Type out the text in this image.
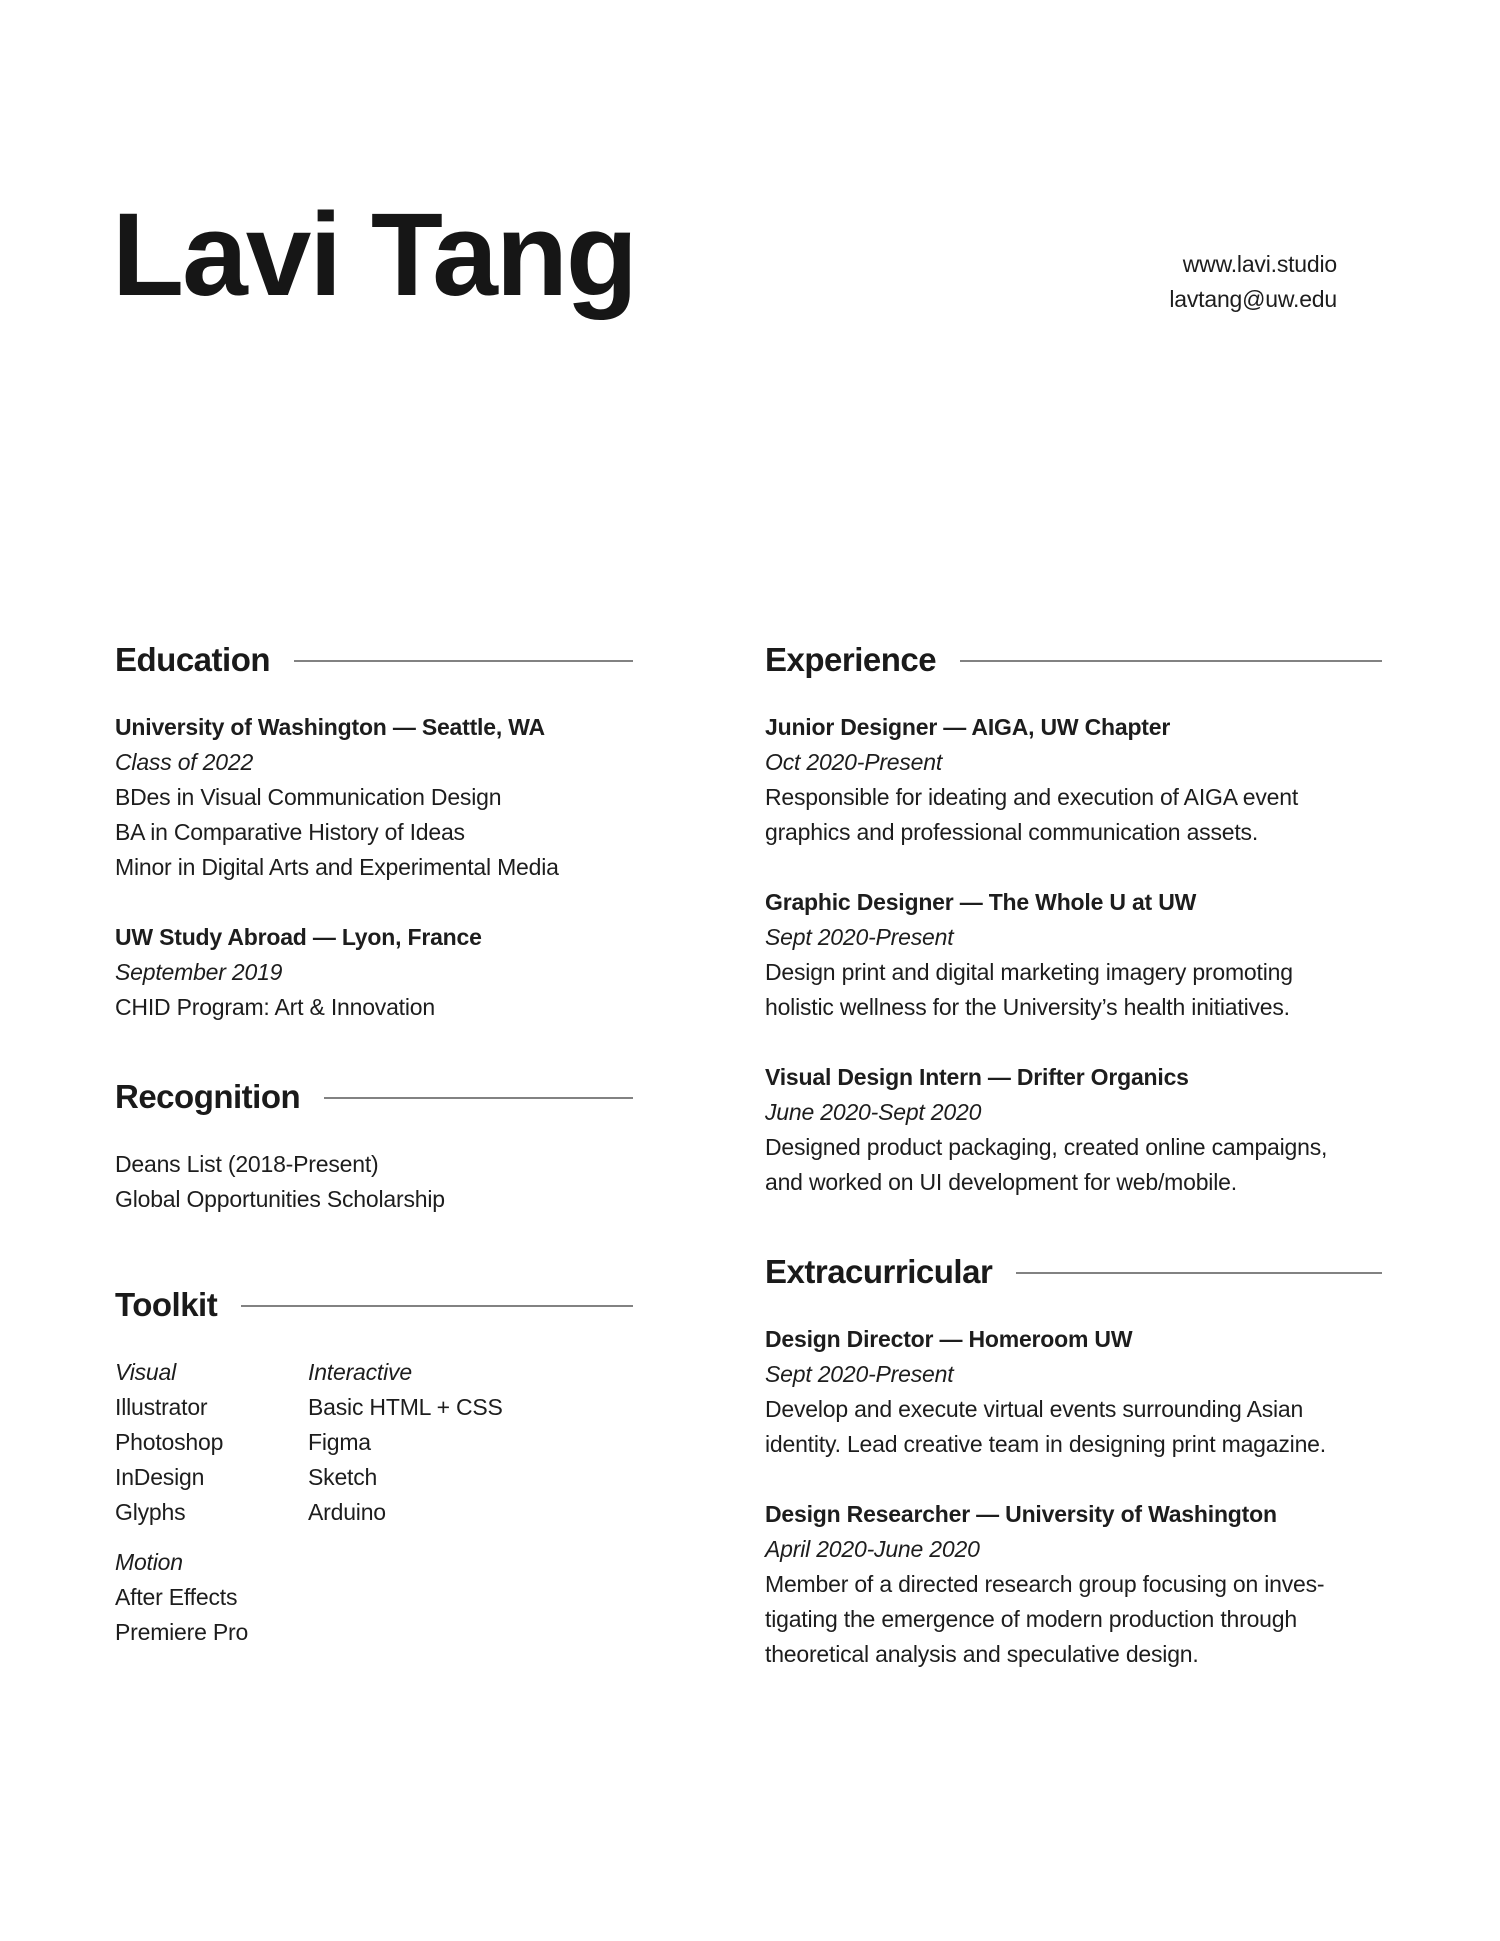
Lavi Tang	www.lavi.studio
lavtang@uw.edu
Education
University of Washington — Seattle, WA
Class of 2022
BDes in Visual Communication Design
BA in Comparative History of Ideas
Minor in Digital Arts and Experimental Media
UW Study Abroad — Lyon, France
September 2019
CHID Program: Art & Innovation
Recognition
Deans List (2018-Present)
Global Opportunities Scholarship
Toolkit
Visual
Illustrator
Photoshop
InDesign
Glyphs
Interactive
Basic HTML + CSS
Figma
Sketch
Arduino
Motion
After Effects
Premiere Pro
Experience
Junior Designer — AIGA, UW Chapter
Oct 2020-Present
Responsible for ideating and execution of AIGA event
graphics and professional communication assets.
Graphic Designer — The Whole U at UW
Sept 2020-Present
Design print and digital marketing imagery promoting
holistic wellness for the University’s health initiatives.
Visual Design Intern — Drifter Organics
June 2020-Sept 2020
Designed product packaging, created online campaigns,
and worked on UI development for web/mobile.
Extracurricular
Design Director — Homeroom UW
Sept 2020-Present
Develop and execute virtual events surrounding Asian
identity. Lead creative team in designing print magazine.
Design Researcher — University of Washington
April 2020-June 2020
Member of a directed research group focusing on inves-
tigating the emergence of modern production through
theoretical analysis and speculative design.
